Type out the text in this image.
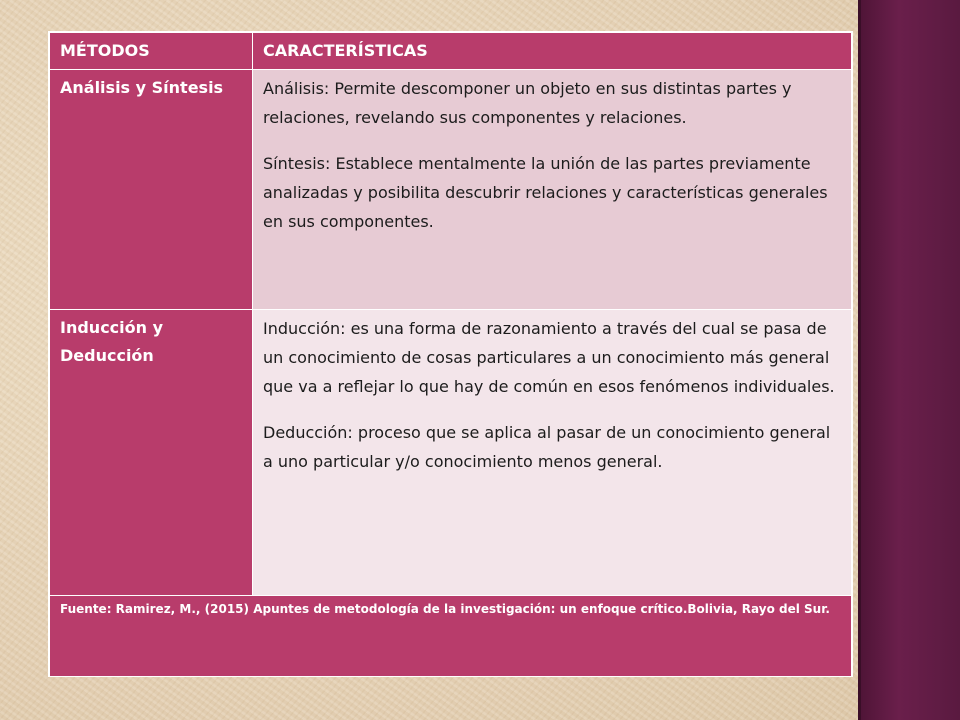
MÉTODOS	CARACTERÍSTICAS
Análisis y Síntesis	Análisis: Permite descomponer un objeto en sus distintas partes y relaciones, revelando sus componentes y relaciones.

Síntesis: Establece mentalmente la unión de las partes previamente analizadas y posibilita descubrir relaciones y características generales en sus componentes.

Inducción y Deducción	Inducción: es una forma de razonamiento a través del cual se pasa de un conocimiento de cosas particulares a un conocimiento más general que va a reflejar lo que hay de común en esos fenómenos individuales.

Deducción: proceso que se aplica al pasar de un conocimiento general a uno particular y/o conocimiento menos general.

Fuente: Ramirez, M., (2015) Apuntes de metodología de la investigación: un enfoque crítico.Bolivia, Rayo del Sur.	
